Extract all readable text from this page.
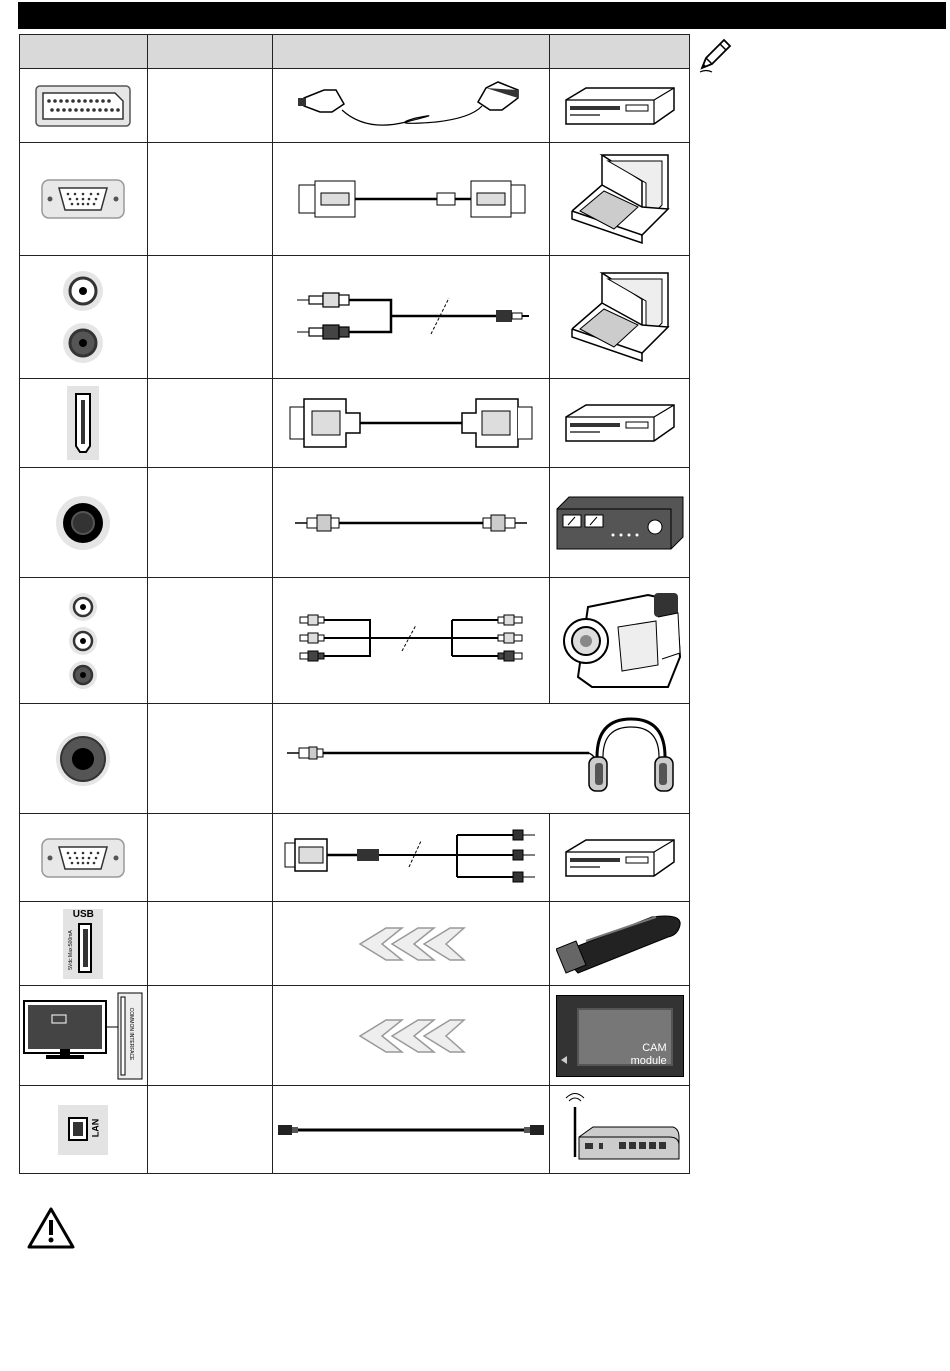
USB
5Vdc Max:500mA

COMMON INTERFACE			CAM
module

LAN
